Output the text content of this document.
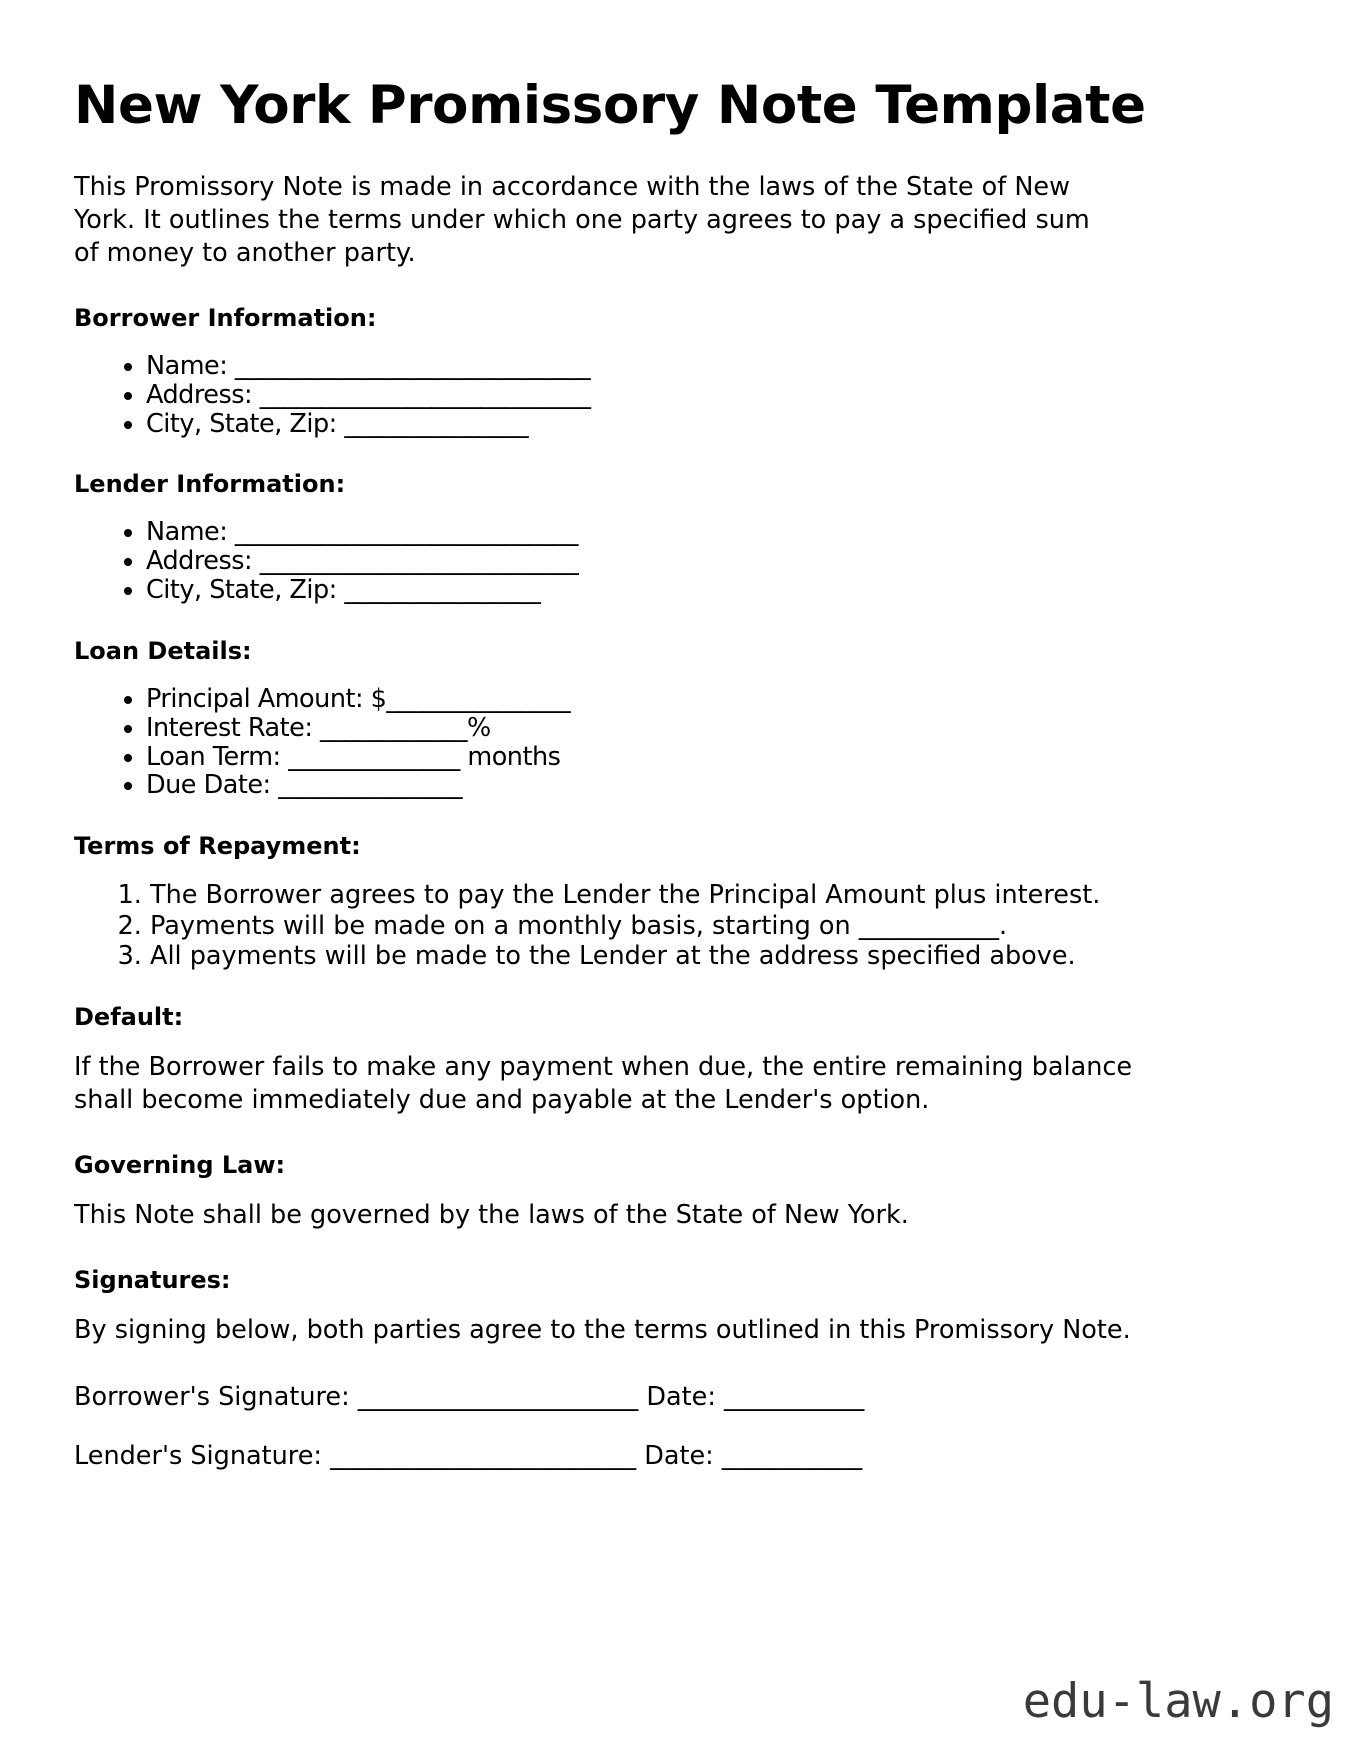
New York Promissory Note Template

This Promissory Note is made in accordance with the laws of the State of New York. It outlines the terms under which one party agrees to pay a specified sum of money to another party.

Borrower Information:
• Name: _____________________________
• Address: ___________________________
• City, State, Zip: _______________
Lender Information:
• Name: ____________________________
• Address: __________________________
• City, State, Zip: ________________
Loan Details:
• Principal Amount: $_______________
• Interest Rate: ____________%
• Loan Term: ______________ months
• Due Date: _______________
Terms of Repayment:
1. The Borrower agrees to pay the Lender the Principal Amount plus interest.
2. Payments will be made on a monthly basis, starting on ___________.
3. All payments will be made to the Lender at the address specified above.
Default:

If the Borrower fails to make any payment when due, the entire remaining balance shall become immediately due and payable at the Lender's option.

Governing Law:

This Note shall be governed by the laws of the State of New York.

Signatures:

By signing below, both parties agree to the terms outlined in this Promissory Note.

Borrower's Signature: ______________________ Date: ___________

Lender's Signature: ________________________ Date: ___________

edu-law.org
